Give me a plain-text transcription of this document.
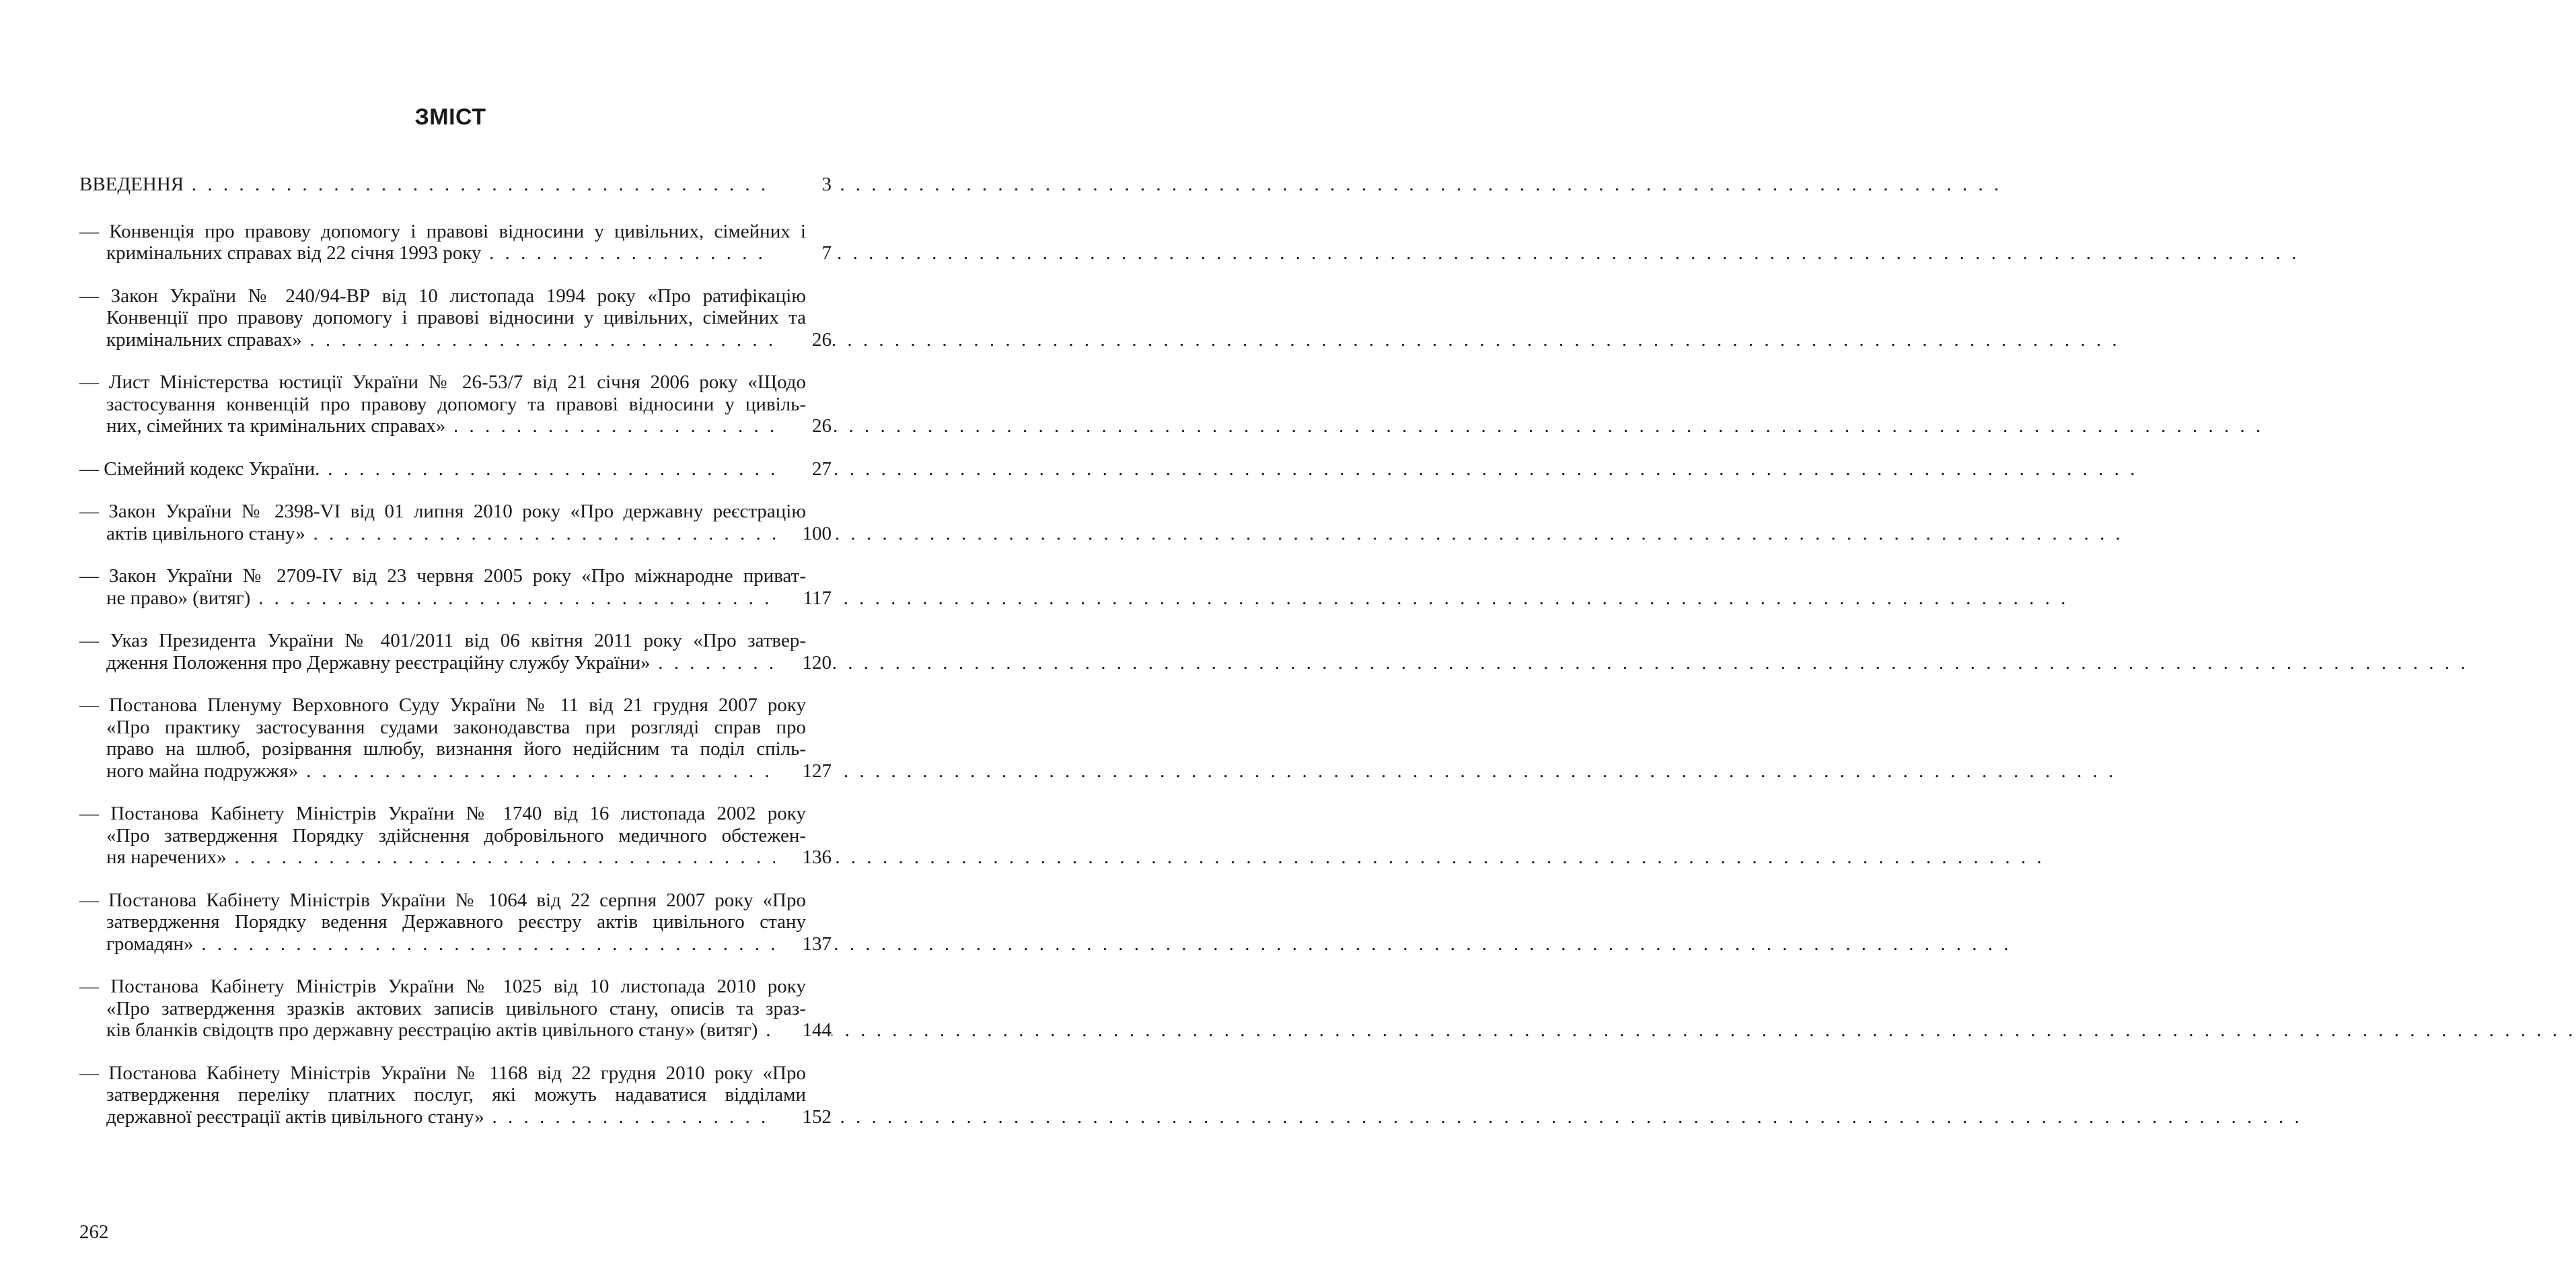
ЗМІСТ
ВВЕДЕННЯ . . .	3
— Конвенція про правову допомогу і правові відносини у цивільних, сімейних і
кримінальних справах від 22 січня 1993 року . . .	7
— Закон України № 240/94-ВР від 10 листопада 1994 року «Про ратифікацію
Конвенції про правову допомогу і правові відносини у цивільних, сімейних та
кримінальних справах» . . .	26
— Лист Міністерства юстиції України № 26-53/7 від 21 січня 2006 року «Щодо
застосування конвенцій про правову допомогу та правові відносини у цивіль-
них, сімейних та кримінальних справах» . . .	26
— Сімейний кодекс України. . . .	27
— Закон України № 2398-VI від 01 липня 2010 року «Про державну реєстрацію
актів цивільного стану» . . .	100
— Закон України № 2709-IV від 23 червня 2005 року «Про міжнародне приват-
не право» (витяг) . . .	117
— Указ Президента України № 401/2011 від 06 квітня 2011 року «Про затвер-
дження Положення про Державну реєстраційну службу України» . . .	120
— Постанова Пленуму Верховного Суду України № 11 від 21 грудня 2007 року
«Про практику застосування судами законодавства при розгляді справ про
право на шлюб, розірвання шлюбу, визнання його недійсним та поділ спіль-
ного майна подружжя» . . .	127
— Постанова Кабінету Міністрів України № 1740 від 16 листопада 2002 року
«Про затвердження Порядку здійснення добровільного медичного обстежен-
ня наречених» . . .	136
— Постанова Кабінету Міністрів України № 1064 від 22 серпня 2007 року «Про
затвердження Порядку ведення Державного реєстру актів цивільного стану
громадян» . . .	137
— Постанова Кабінету Міністрів України № 1025 від 10 листопада 2010 року
«Про затвердження зразків актових записів цивільного стану, описів та зраз-
ків бланків свідоцтв про державну реєстрацію актів цивільного стану» (витяг) . . .	144
— Постанова Кабінету Міністрів України № 1168 від 22 грудня 2010 року «Про
затвердження переліку платних послуг, які можуть надаватися відділами
державної реєстрації актів цивільного стану» . . .	152
262
